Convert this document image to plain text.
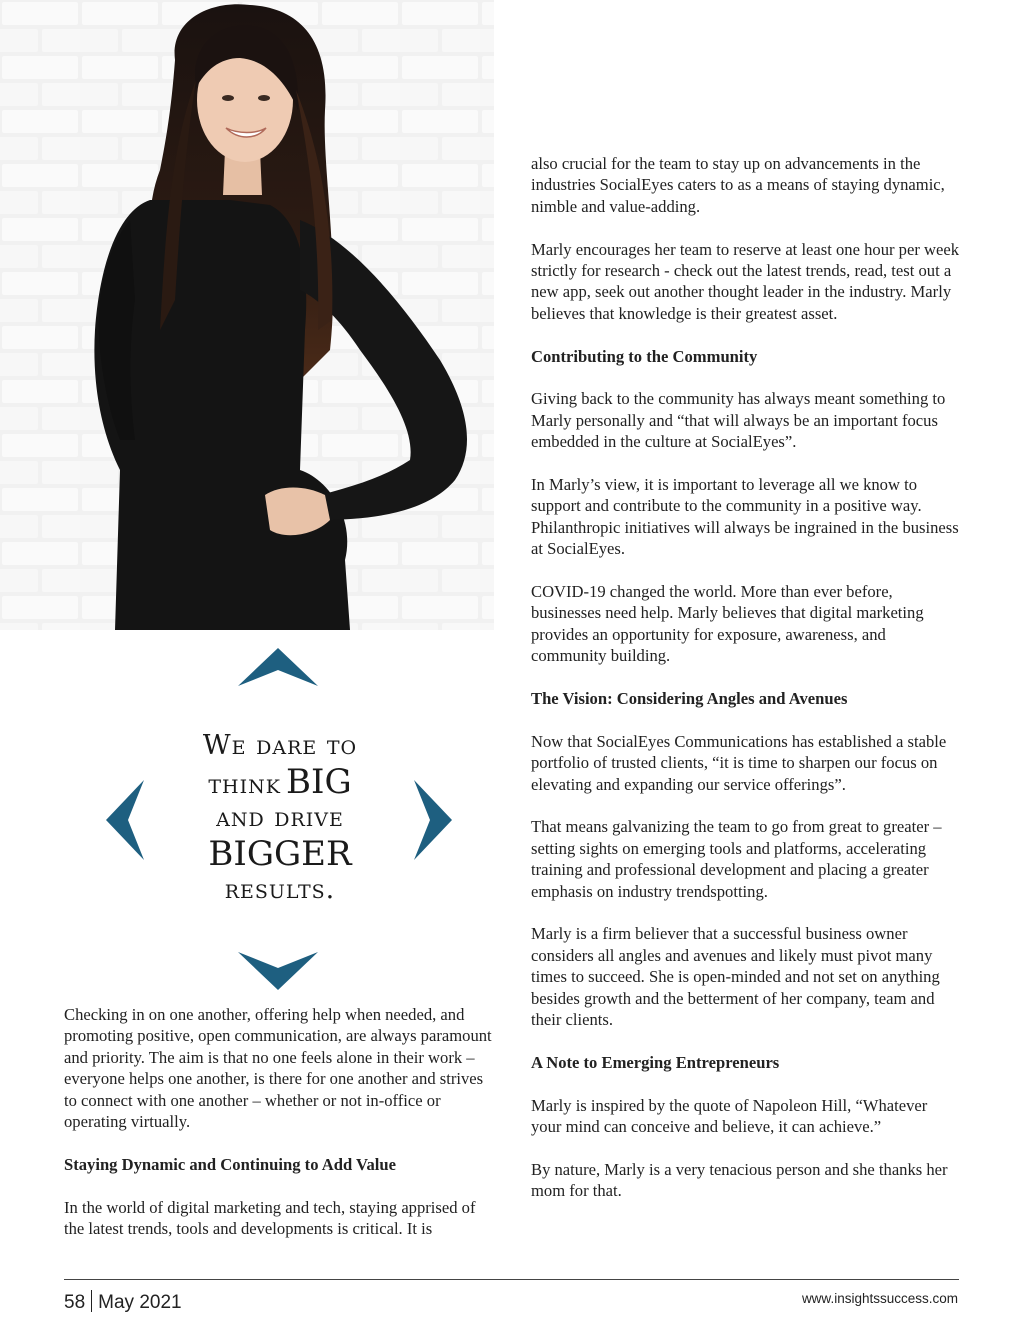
We dare to
think BIG
and drive
BIGGER
results.

Checking in on one another, offering help when needed, and promoting positive, open communication, are always paramount and priority. The aim is that no one feels alone in their work – everyone helps one another, is there for one another and strives to connect with one another – whether or not in-office or operating virtually.

Staying Dynamic and Continuing to Add Value

In the world of digital marketing and tech, staying apprised of the latest trends, tools and developments is critical. It is

also crucial for the team to stay up on advancements in the industries SocialEyes caters to as a means of staying dynamic, nimble and value-adding.

Marly encourages her team to reserve at least one hour per week strictly for research - check out the latest trends, read, test out a new app, seek out another thought leader in the industry. Marly believes that knowledge is their greatest asset.

Contributing to the Community

Giving back to the community has always meant something to Marly personally and “that will always be an important focus embedded in the culture at SocialEyes”.

In Marly’s view, it is important to leverage all we know to support and contribute to the community in a positive way. Philanthropic initiatives will always be ingrained in the business at SocialEyes.

COVID-19 changed the world. More than ever before, businesses need help. Marly believes that digital marketing provides an opportunity for exposure, awareness, and community building.

The Vision: Considering Angles and Avenues

Now that SocialEyes Communications has established a stable portfolio of trusted clients, “it is time to sharpen our focus on elevating and expanding our service offerings”.

That means galvanizing the team to go from great to greater – setting sights on emerging tools and platforms, accelerating training and professional development and placing a greater emphasis on industry trendspotting.

Marly is a firm believer that a successful business owner considers all angles and avenues and likely must pivot many times to succeed. She is open-minded and not set on anything besides growth and the betterment of her company, team and their clients.

A Note to Emerging Entrepreneurs

Marly is inspired by the quote of Napoleon Hill, “Whatever your mind can conceive and believe, it can achieve.”

By nature, Marly is a very tenacious person and she thanks her mom for that.

58 May 2021	www.insightssuccess.com
